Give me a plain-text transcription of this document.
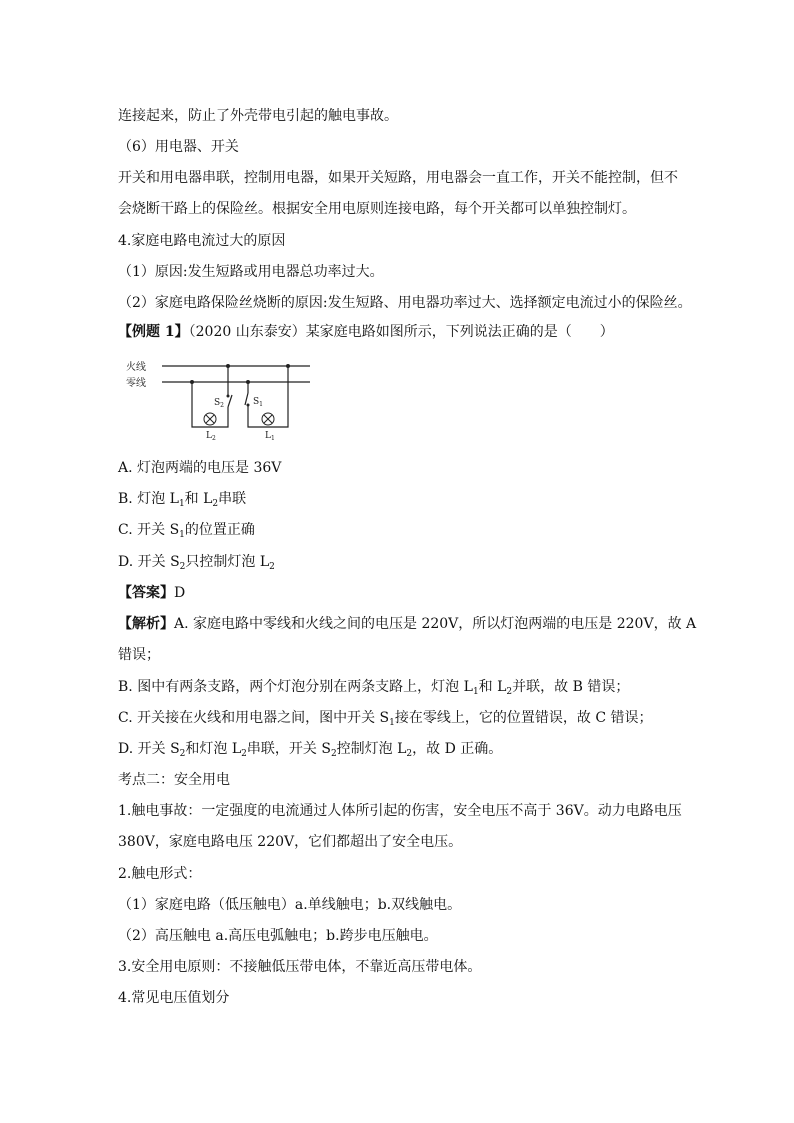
连接起来，防止了外壳带电引起的触电事故。
（6）用电器、开关
开关和用电器串联，控制用电器，如果开关短路，用电器会一直工作，开关不能控制，但不
会烧断干路上的保险丝。根据安全用电原则连接电路，每个开关都可以单独控制灯。
4.家庭电路电流过大的原因
（1）原因:发生短路或用电器总功率过大。
（2）家庭电路保险丝烧断的原因:发生短路、用电器功率过大、选择额定电流过小的保险丝。
【例题 1】（2020 山东泰安）某家庭电路如图所示，下列说法正确的是（　　）
火线
零线
$S_2$	$S_1$
$L_2$	$L_1$
A. 灯泡两端的电压是 36V
B. 灯泡 $L_1$和 $L_2$串联
C. 开关 $S_1$的位置正确
D. 开关 $S_2$只控制灯泡 $L_2$
【答案】D
【解析】A. 家庭电路中零线和火线之间的电压是 220V，所以灯泡两端的电压是 220V，故 A
错误；
B. 图中有两条支路，两个灯泡分别在两条支路上，灯泡 $L_1$和 $L_2$并联，故 B 错误；
C. 开关接在火线和用电器之间，图中开关 $S_1$接在零线上，它的位置错误，故 C 错误；
D. 开关 $S_2$和灯泡 $L_2$串联，开关 $S_2$控制灯泡 $L_2$，故 D 正确。
考点二：安全用电
1.触电事故：一定强度的电流通过人体所引起的伤害，安全电压不高于 36V。动力电路电压
380V，家庭电路电压 220V，它们都超出了安全电压。
2.触电形式：
（1）家庭电路（低压触电）a.单线触电；b.双线触电。
（2）高压触电 a.高压电弧触电；b.跨步电压触电。
3.安全用电原则：不接触低压带电体，不靠近高压带电体。
4.常见电压值划分
